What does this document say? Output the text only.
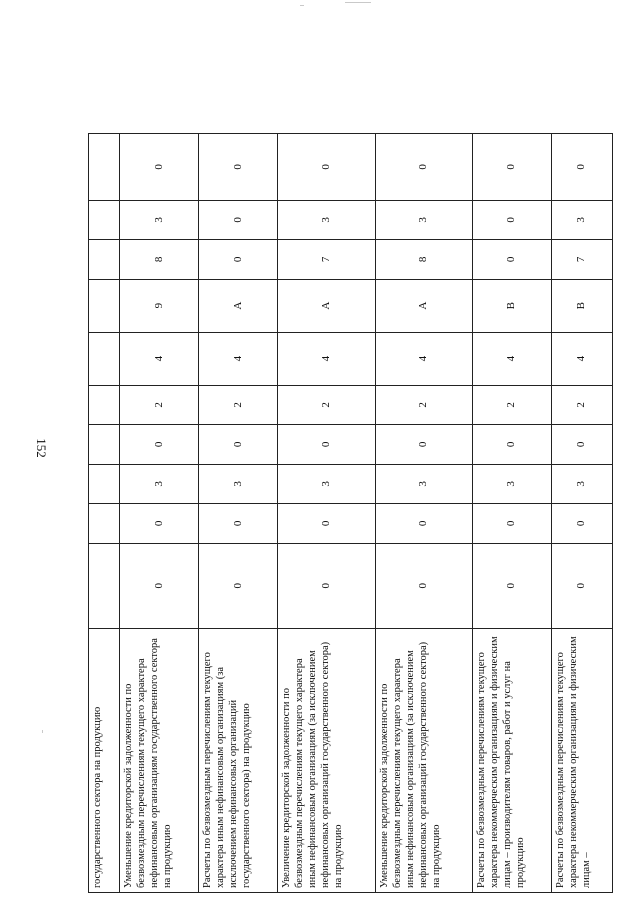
152
государственного сектора на продукцию										
Уменьшение кредиторской задолженности по безвозмездным перечислениям текущего характера нефинансовым организациям государственного сектора на продукцию	0	0	3	0	2	4	9	8	3	0
Расчеты по безвозмездным перечислениям текущего характера иным нефинансовым организациям (за исключением нефинансовых организаций государственного сектора) на продукцию	0	0	3	0	2	4	А	0	0	0
Увеличение кредиторской задолженности по безвозмездным перечислениям текущего характера иным нефинансовым организациям (за исключением нефинансовых организаций государственного сектора) на продукцию	0	0	3	0	2	4	А	7	3	0
Уменьшение кредиторской задолженности по безвозмездным перечислениям текущего характера иным нефинансовым организациям (за исключением нефинансовых организаций государственного сектора) на продукцию	0	0	3	0	2	4	А	8	3	0
Расчеты по безвозмездным перечислениям текущего характера некоммерческим организациям и физическим лицам – производителям товаров, работ и услуг на продукцию	0	0	3	0	2	4	В	0	0	0
Расчеты по безвозмездным перечислениям текущего характера некоммерческим организациям и физическим лицам –	0	0	3	0	2	4	В	7	3	0
